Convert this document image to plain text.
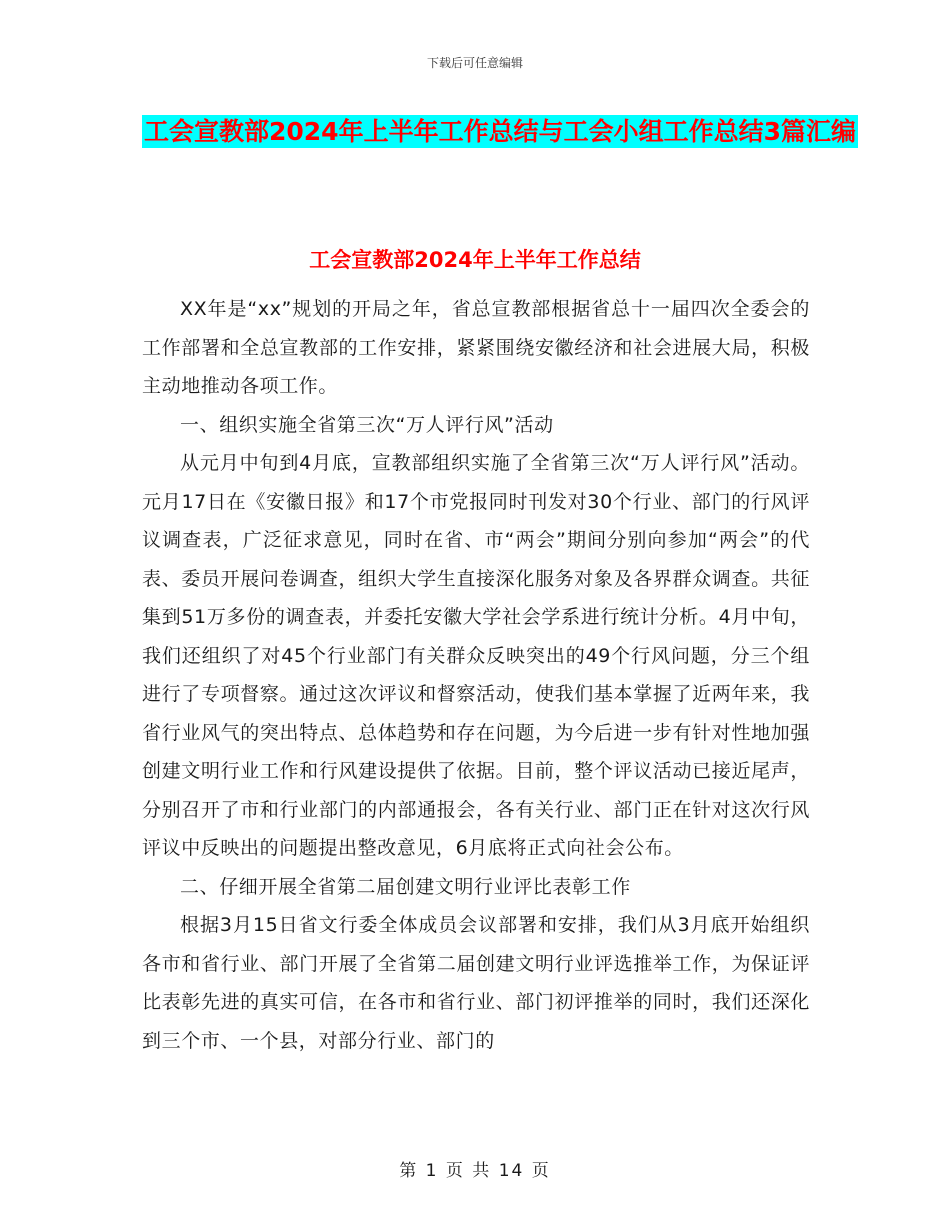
下载后可任意编辑
工会宣教部2024年上半年工作总结与工会小组工作总结3篇汇编
工会宣教部2024年上半年工作总结

XX年是“xx”规划的开局之年，省总宣教部根据省总十一届四次全委会的工作部署和全总宣教部的工作安排，紧紧围绕安徽经济和社会进展大局，积极主动地推动各项工作。

一、组织实施全省第三次“万人评行风”活动

从元月中旬到4月底，宣教部组织实施了全省第三次“万人评行风”活动。元月17日在《安徽日报》和17个市党报同时刊发对30个行业、部门的行风评议调查表，广泛征求意见，同时在省、市“两会”期间分别向参加“两会”的代表、委员开展问卷调查，组织大学生直接深化服务对象及各界群众调查。共征集到51万多份的调查表，并委托安徽大学社会学系进行统计分析。4月中旬，我们还组织了对45个行业部门有关群众反映突出的49个行风问题，分三个组进行了专项督察。通过这次评议和督察活动，使我们基本掌握了近两年来，我省行业风气的突出特点、总体趋势和存在问题，为今后进一步有针对性地加强创建文明行业工作和行风建设提供了依据。目前，整个评议活动已接近尾声，分别召开了市和行业部门的内部通报会，各有关行业、部门正在针对这次行风评议中反映出的问题提出整改意见，6月底将正式向社会公布。

二、仔细开展全省第二届创建文明行业评比表彰工作

根据3月15日省文行委全体成员会议部署和安排，我们从3月底开始组织各市和省行业、部门开展了全省第二届创建文明行业评选推举工作，为保证评比表彰先进的真实可信，在各市和省行业、部门初评推举的同时，我们还深化到三个市、一个县，对部分行业、部门的

第 1 页 共 14 页
